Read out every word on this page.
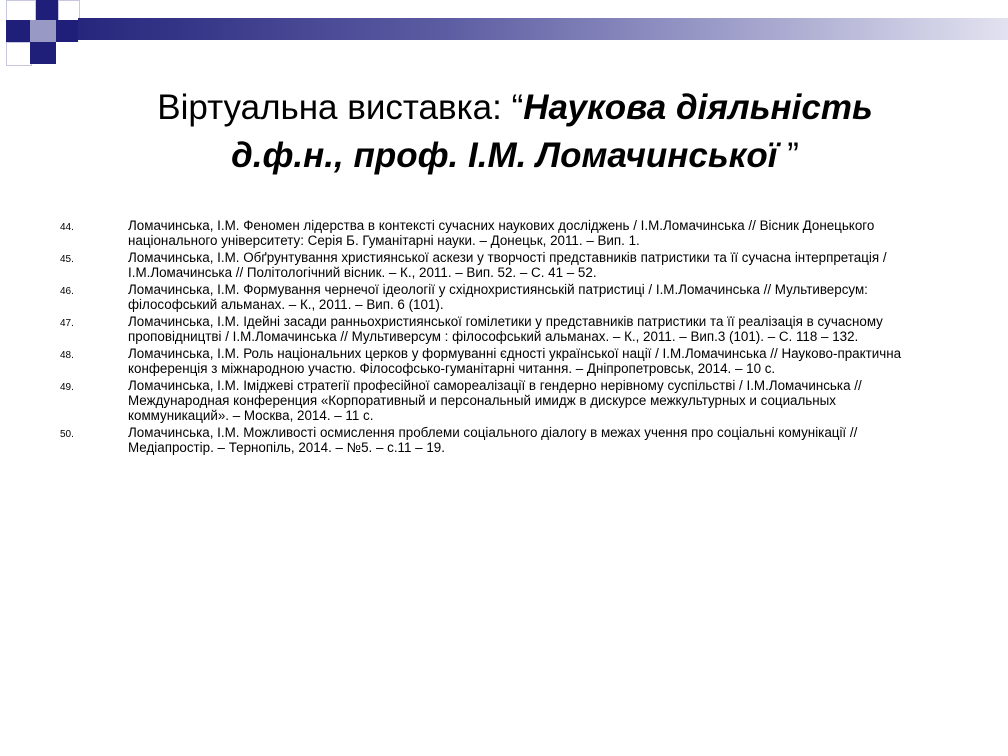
Віртуальна виставка: “Наукова діяльність
д.ф.н., проф. І.М. Ломачинської ”
44.	Ломачинська, І.М. Феномен лідерства в контексті сучасних наукових досліджень / І.М.Ломачинська // Вісник Донецького національного університету: Серія Б. Гуманітарні науки. – Донецьк, 2011. – Вип. 1.
45.	Ломачинська, І.М. Обґрунтування християнської аскези у творчості представників патристики та її сучасна інтерпретація / І.М.Ломачинська // Політологічний вісник. – К., 2011. – Вип. 52. – С. 41 – 52.
46.	Ломачинська, І.М. Формування чернечої ідеології у східнохристиянській патристиці / І.М.Ломачинська // Мультиверсум: філософський альманах. – К., 2011. – Вип. 6 (101).
47.	Ломачинська, І.М. Ідейні засади ранньохристиянської гомілетики у представників патристики та її реалізація в сучасному проповідництві / І.М.Ломачинська // Мультиверсум : філософський альманах. – К., 2011. – Вип.3 (101). – С. 118 – 132.
48.	Ломачинська, І.М. Роль національних церков у формуванні єдності української нації / І.М.Ломачинська // Науково-практична конференція з міжнародною участю. Філософсько-гуманітарні читання. – Дніпропетровськ, 2014. – 10 с.
49.	Ломачинська, І.М. Іміджеві стратегії професійної самореалізації в гендерно нерівному суспільстві / І.М.Ломачинська // Международная конференция «Корпоративный и персональный имидж в дискурсе межкультурных и социальных коммуникаций». – Москва, 2014. – 11 с.
50.	Ломачинська, І.М. Можливості осмислення проблеми соціального діалогу в межах учення про соціальні комунікації // Медіапростір. – Тернопіль, 2014. – №5. – с.11 – 19.
